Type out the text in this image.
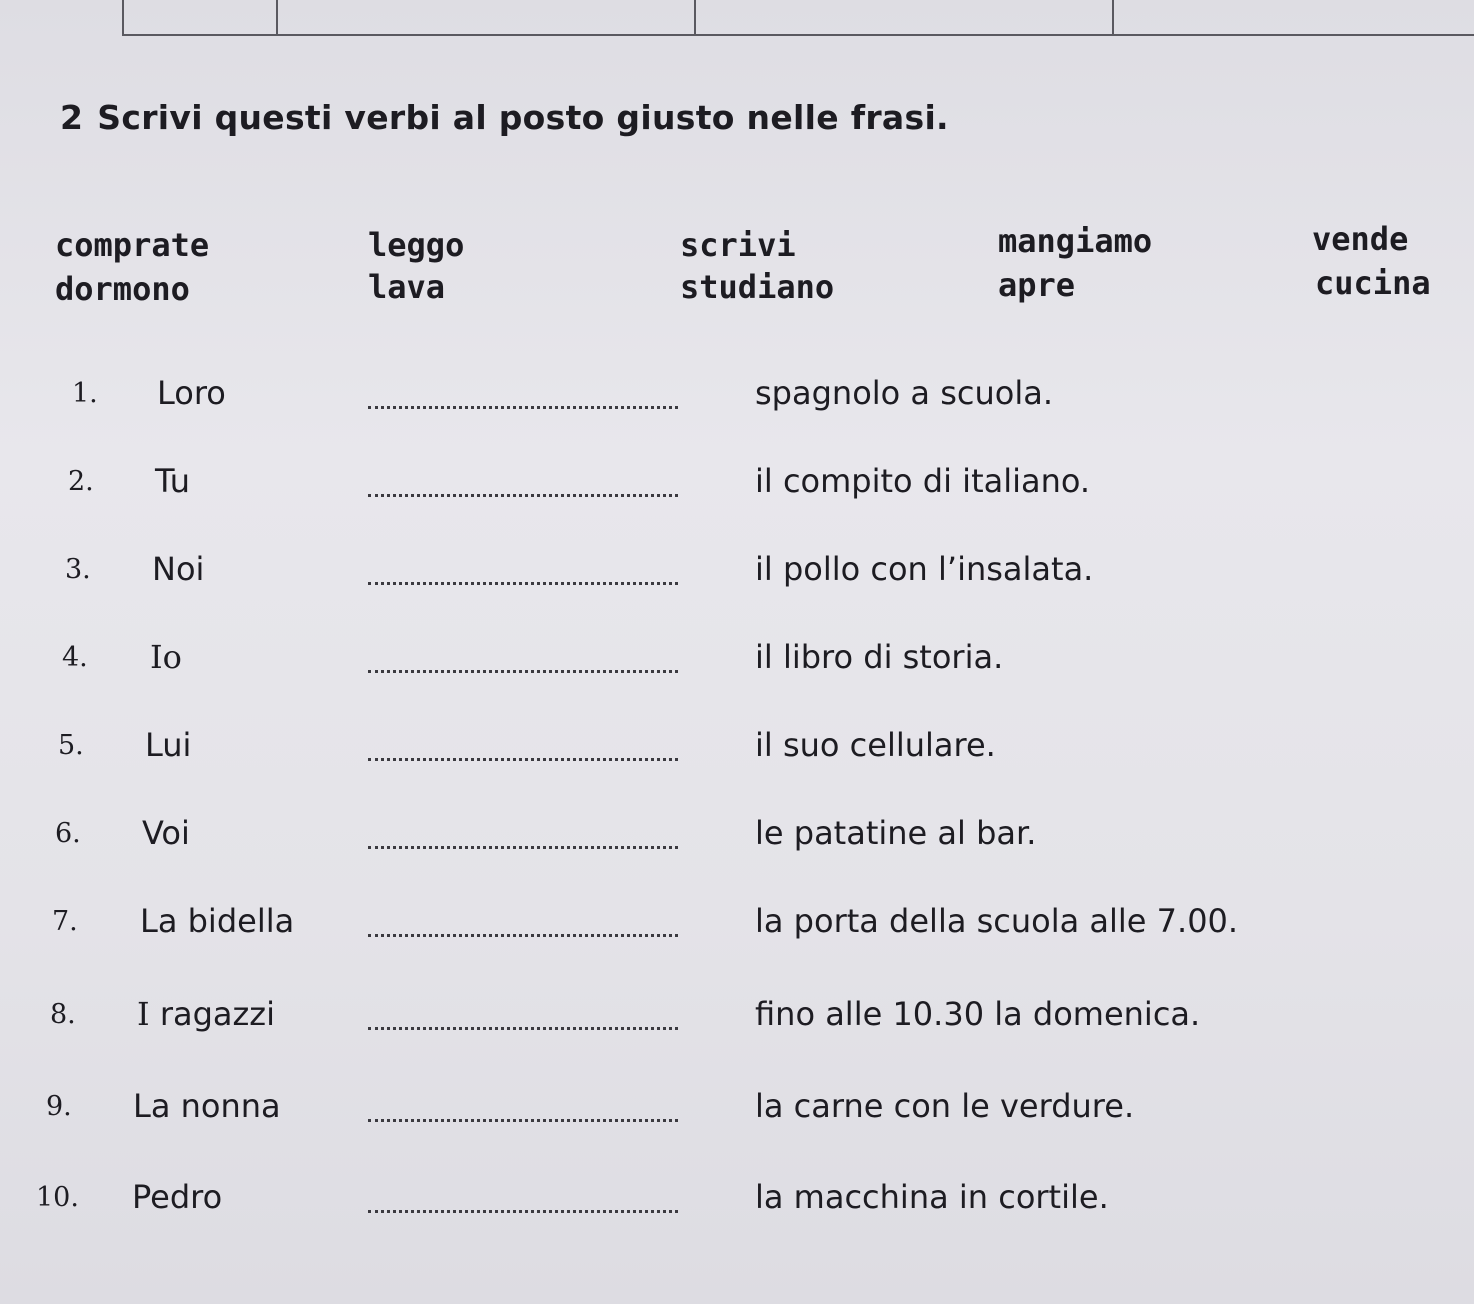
2 Scrivi questi verbi al posto giusto nelle frasi.
comprate	leggo	scrivi	mangiamo	vende
dormono	lava	studiano	apre	cucina
1. Loro	spagnolo a scuola.
2. Tu	il compito di italiano.
3. Noi	il pollo con l’insalata.
4. Io	il libro di storia.
5. Lui	il suo cellulare.
6. Voi	le patatine al bar.
7. La bidella	la porta della scuola alle 7.00.
8. I ragazzi	fino alle 10.30 la domenica.
9. La nonna	la carne con le verdure.
10. Pedro	la macchina in cortile.
